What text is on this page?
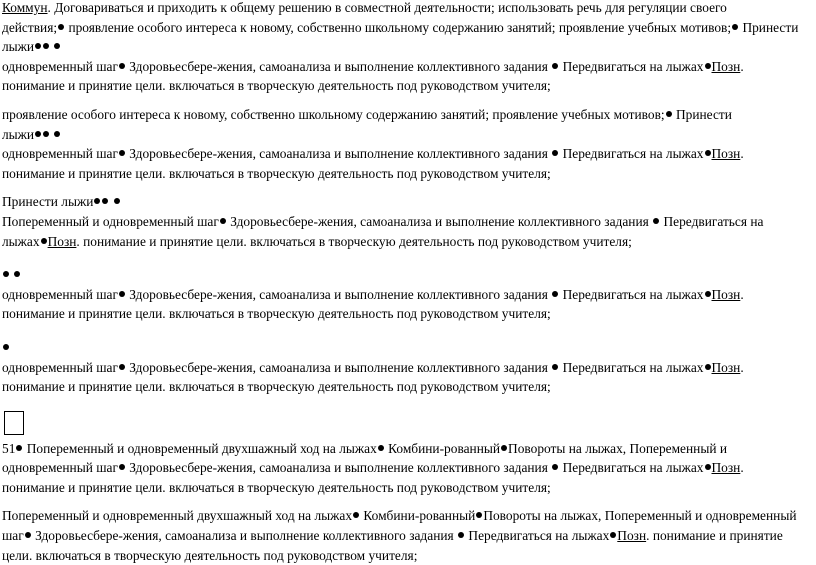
Коммун. Договариваться и приходить к общему решению в совместной деятельности; использовать речь для регуляции своего

действия; проявление особого интереса к новому, собственно школьному содержанию занятий; проявление учебных мотивов; Принести

лыжи

одновременный шаг Здоровьесбере-жения, самоанализа и выполнение коллективного задания  Передвигаться на лыжах Позн.

понимание и принятие цели. включаться в творческую деятельность под руководством учителя;

проявление особого интереса к новому, собственно школьному содержанию занятий; проявление учебных мотивов; Принести

лыжи

одновременный шаг Здоровьесбере-жения, самоанализа и выполнение коллективного задания  Передвигаться на лыжах Позн.

понимание и принятие цели. включаться в творческую деятельность под руководством учителя;

Принести лыжи

Попеременный и одновременный шаг Здоровьесбере-жения, самоанализа и выполнение коллективного задания  Передвигаться на

лыжах Позн. понимание и принятие цели. включаться в творческую деятельность под руководством учителя;

одновременный шаг Здоровьесбере-жения, самоанализа и выполнение коллективного задания  Передвигаться на лыжах Позн.

понимание и принятие цели. включаться в творческую деятельность под руководством учителя;

одновременный шаг Здоровьесбере-жения, самоанализа и выполнение коллективного задания  Передвигаться на лыжах Позн.

понимание и принятие цели. включаться в творческую деятельность под руководством учителя;

51 Попеременный и одновременный двухшажный ход на лыжах Комбини-рованный Повороты на лыжах, Попеременный и

одновременный шаг Здоровьесбере-жения, самоанализа и выполнение коллективного задания  Передвигаться на лыжах Позн.

понимание и принятие цели. включаться в творческую деятельность под руководством учителя;

Попеременный и одновременный двухшажный ход на лыжах Комбини-рованный Повороты на лыжах, Попеременный и одновременный

шаг Здоровьесбере-жения, самоанализа и выполнение коллективного задания  Передвигаться на лыжах Позн. понимание и принятие

цели. включаться в творческую деятельность под руководством учителя;
